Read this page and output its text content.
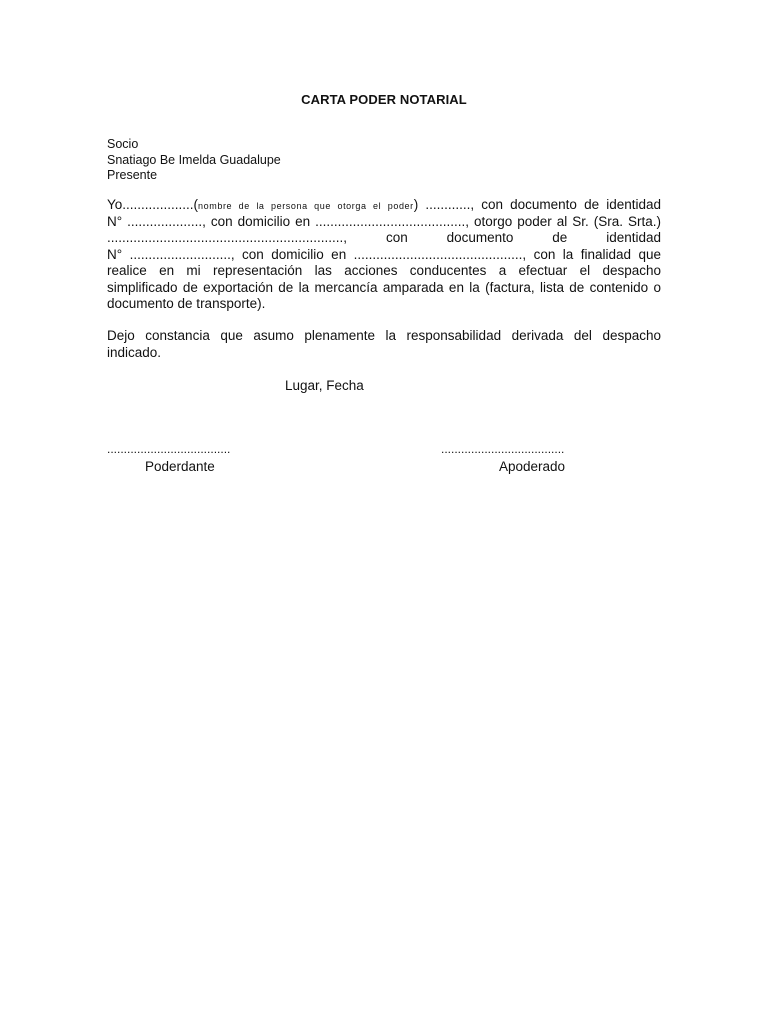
CARTA PODER NOTARIAL
Socio
Snatiago Be Imelda Guadalupe
Presente
Yo...................(nombre de la persona que otorga el poder) ............, con documento de identidad
N° ...................., con domicilio en ........................................, otorgo poder al Sr. (Sra. Srta.)
..............................................................., con documento de identidad
N° ..........................., con domicilio en ............................................., con la finalidad que
realice en mi representación las acciones conducentes a efectuar el despacho
simplificado de exportación de la mercancía amparada en la (factura, lista de contenido o
documento de transporte).
Dejo constancia que asumo plenamente la responsabilidad derivada del despacho
indicado.
Lugar, Fecha
.....................................	.....................................
Poderdante	Apoderado
